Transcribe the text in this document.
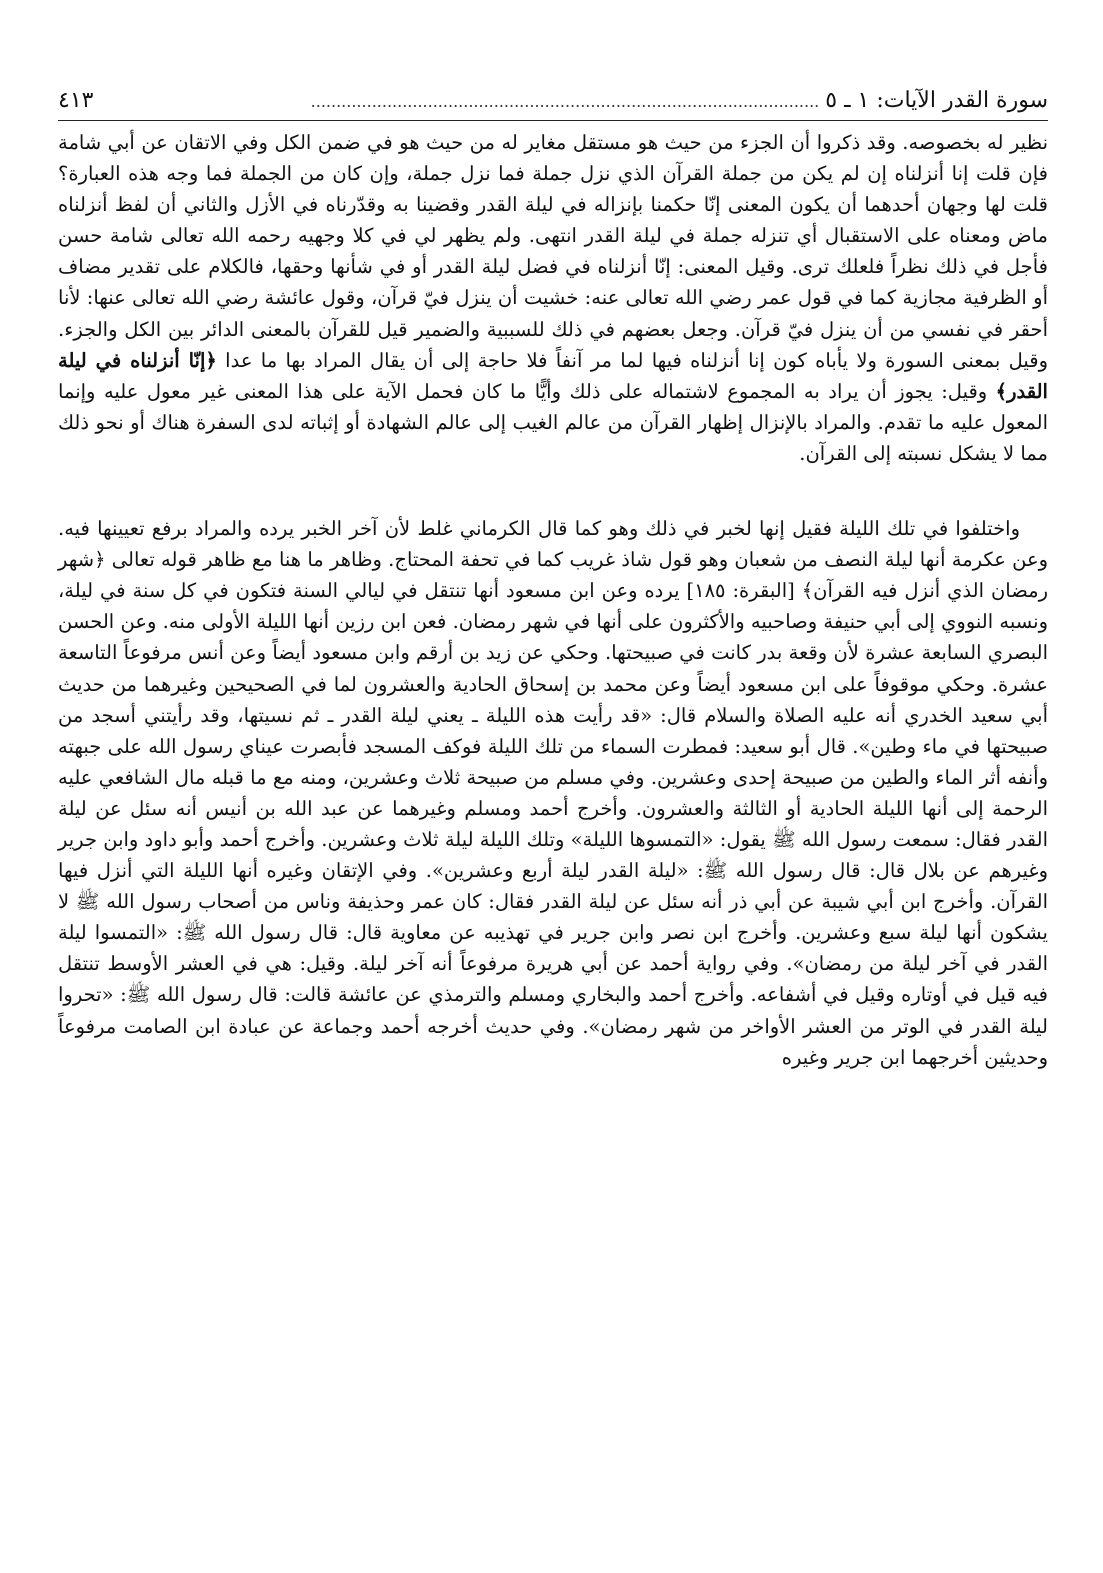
سورة القدر الآيات: ١ ـ ٥
....................................................................................................
٤١٣

نظير له بخصوصه. وقد ذكروا أن الجزء من حيث هو مستقل مغاير له من حيث هو في ضمن الكل وفي الاتقان عن أبي شامة فإن قلت إنا أنزلناه إن لم يكن من جملة القرآن الذي نزل جملة فما نزل جملة، وإن كان من الجملة فما وجه هذه العبارة؟ قلت لها وجهان أحدهما أن يكون المعنى إنّا حكمنا بإنزاله في ليلة القدر وقضينا به وقدّرناه في الأزل والثاني أن لفظ أنزلناه ماض ومعناه على الاستقبال أي تنزله جملة في ليلة القدر انتهى. ولم يظهر لي في كلا وجهيه رحمه الله تعالى شامة حسن فأجل في ذلك نظراً فلعلك ترى. وقيل المعنى: إنّا أنزلناه في فضل ليلة القدر أو في شأنها وحقها، فالكلام على تقدير مضاف أو الظرفية مجازية كما في قول عمر رضي الله تعالى عنه: خشيت أن ينزل فيّ قرآن، وقول عائشة رضي الله تعالى عنها: لأنا أحقر في نفسي من أن ينزل فيّ قرآن. وجعل بعضهم في ذلك للسببية والضمير قيل للقرآن بالمعنى الدائر بين الكل والجزء. وقيل بمعنى السورة ولا يأباه كون إنا أنزلناه فيها لما مر آنفاً فلا حاجة إلى أن يقال المراد بها ما عدا ﴿إنّا أنزلناه في ليلة القدر﴾ وقيل: يجوز أن يراد به المجموع لاشتماله على ذلك وأيًّا ما كان فحمل الآية على هذا المعنى غير معول عليه وإنما المعول عليه ما تقدم. والمراد بالإنزال إظهار القرآن من عالم الغيب إلى عالم الشهادة أو إثباته لدى السفرة هناك أو نحو ذلك مما لا يشكل نسبته إلى القرآن.

واختلفوا في تلك الليلة فقيل إنها لخبر في ذلك وهو كما قال الكرماني غلط لأن آخر الخبر يرده والمراد برفع تعيينها فيه. وعن عكرمة أنها ليلة النصف من شعبان وهو قول شاذ غريب كما في تحفة المحتاج. وظاهر ما هنا مع ظاهر قوله تعالى ﴿شهر رمضان الذي أنزل فيه القرآن﴾ [البقرة: ١٨٥] يرده وعن ابن مسعود أنها تنتقل في ليالي السنة فتكون في كل سنة في ليلة، ونسبه النووي إلى أبي حنيفة وصاحبيه والأكثرون على أنها في شهر رمضان. فعن ابن رزين أنها الليلة الأولى منه. وعن الحسن البصري السابعة عشرة لأن وقعة بدر كانت في صبيحتها. وحكي عن زيد بن أرقم وابن مسعود أيضاً وعن أنس مرفوعاً التاسعة عشرة. وحكي موقوفاً على ابن مسعود أيضاً وعن محمد بن إسحاق الحادية والعشرون لما في الصحيحين وغيرهما من حديث أبي سعيد الخدري أنه عليه الصلاة والسلام قال: «قد رأيت هذه الليلة ـ يعني ليلة القدر ـ ثم نسيتها، وقد رأيتني أسجد من صبيحتها في ماء وطين». قال أبو سعيد: فمطرت السماء من تلك الليلة فوكف المسجد فأبصرت عيناي رسول الله على جبهته وأنفه أثر الماء والطين من صبيحة إحدى وعشرين. وفي مسلم من صبيحة ثلاث وعشرين، ومنه مع ما قبله مال الشافعي عليه الرحمة إلى أنها الليلة الحادية أو الثالثة والعشرون. وأخرج أحمد ومسلم وغيرهما عن عبد الله بن أنيس أنه سئل عن ليلة القدر فقال: سمعت رسول الله ﷺ يقول: «التمسوها الليلة» وتلك الليلة ليلة ثلاث وعشرين. وأخرج أحمد وأبو داود وابن جرير وغيرهم عن بلال قال: قال رسول الله ﷺ: «ليلة القدر ليلة أربع وعشرين». وفي الإتقان وغيره أنها الليلة التي أنزل فيها القرآن. وأخرج ابن أبي شيبة عن أبي ذر أنه سئل عن ليلة القدر فقال: كان عمر وحذيفة وناس من أصحاب رسول الله ﷺ لا يشكون أنها ليلة سبع وعشرين. وأخرج ابن نصر وابن جرير في تهذيبه عن معاوية قال: قال رسول الله ﷺ: «التمسوا ليلة القدر في آخر ليلة من رمضان». وفي رواية أحمد عن أبي هريرة مرفوعاً أنه آخر ليلة. وقيل: هي في العشر الأوسط تنتقل فيه قيل في أوتاره وقيل في أشفاعه. وأخرج أحمد والبخاري ومسلم والترمذي عن عائشة قالت: قال رسول الله ﷺ: «تحروا ليلة القدر في الوتر من العشر الأواخر من شهر رمضان». وفي حديث أخرجه أحمد وجماعة عن عبادة ابن الصامت مرفوعاً وحديثين أخرجهما ابن جرير وغيره
